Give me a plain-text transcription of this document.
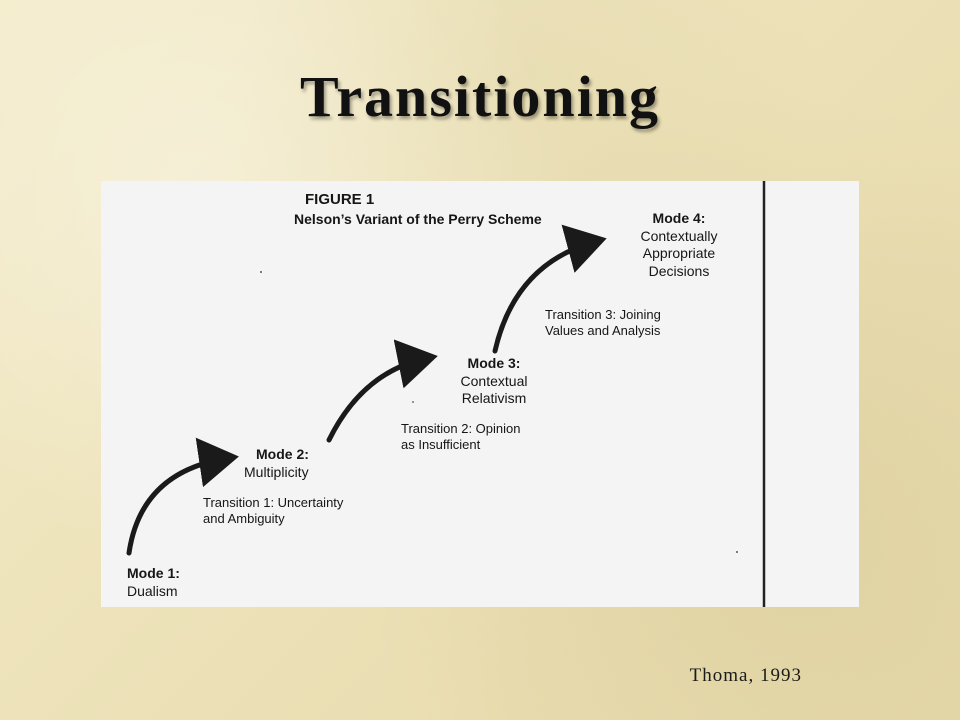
Transitioning
FIGURE 1
Nelson’s Variant of the Perry Scheme
Mode 1:
Dualism
Mode 2:
Multiplicity
Mode 3:
Contextual
Relativism
Mode 4:
Contextually
Appropriate
Decisions
Transition 1: Uncertainty
and Ambiguity
Transition 2: Opinion
as Insufficient
Transition 3: Joining
Values and Analysis
Thoma, 1993
